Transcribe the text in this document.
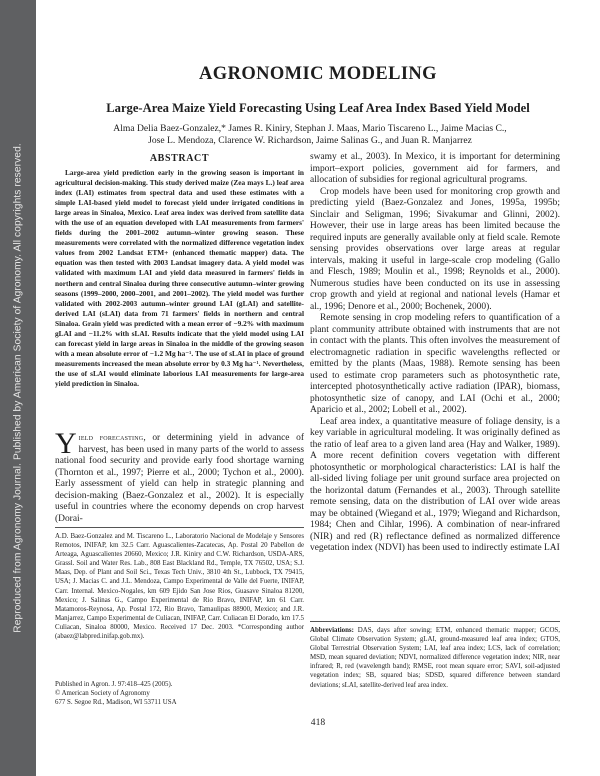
Reproduced from Agronomy Journal. Published by American Society of Agronomy. All copyrights reserved.
AGRONOMIC MODELING
Large-Area Maize Yield Forecasting Using Leaf Area Index Based Yield Model
Alma Delia Baez-Gonzalez,* James R. Kiniry, Stephan J. Maas, Mario Tiscareno L., Jaime Macias C.,
Jose L. Mendoza, Clarence W. Richardson, Jaime Salinas G., and Juan R. Manjarrez
ABSTRACT
Large-area yield prediction early in the growing season is important in agricultural decision-making. This study derived maize (Zea mays L.) leaf area index (LAI) estimates from spectral data and used these estimates with a simple LAI-based yield model to forecast yield under irrigated conditions in large areas in Sinaloa, Mexico. Leaf area index was derived from satellite data with the use of an equation developed with LAI measurements from farmers' fields during the 2001–2002 autumn–winter growing season. These measurements were correlated with the normalized difference vegetation index values from 2002 Landsat ETM+ (enhanced thematic mapper) data. The equation was then tested with 2003 Landsat imagery data. A yield model was validated with maximum LAI and yield data measured in farmers' fields in northern and central Sinaloa during three consecutive autumn–winter growing seasons (1999–2000, 2000–2001, and 2001–2002). The yield model was further validated with 2002-2003 autumn–winter ground LAI (gLAI) and satellite-derived LAI (sLAI) data from 71 farmers' fields in northern and central Sinaloa. Grain yield was predicted with a mean error of −9.2% with maximum gLAI and −11.2% with sLAI. Results indicate that the yield model using LAI can forecast yield in large areas in Sinaloa in the middle of the growing season with a mean absolute error of −1.2 Mg ha⁻¹. The use of sLAI in place of ground measurements increased the mean absolute error by 0.3 Mg ha⁻¹. Nevertheless, the use of sLAI would eliminate laborious LAI measurements for large-area yield prediction in Sinaloa.
Yield forecasting, or determining yield in advance of harvest, has been used in many parts of the world to assess national food security and provide early food shortage warning (Thornton et al., 1997; Pierre et al., 2000; Tychon et al., 2000). Early assessment of yield can help in strategic planning and decision-making (Baez-Gonzalez et al., 2002). It is especially useful in countries where the economy depends on crop harvest (Dorai-
A.D. Baez-Gonzalez and M. Tiscareno L., Laboratorio Nacional de Modelaje y Sensores Remotos, INIFAP, km 32.5 Carr. Aguascalientes-Zacatecas, Ap. Postal 20 Pabellon de Arteaga, Aguascalientes 20660, Mexico; J.R. Kiniry and C.W. Richardson, USDA-ARS, Grassl. Soil and Water Res. Lab., 808 East Blackland Rd., Temple, TX 76502, USA; S.J. Maas, Dep. of Plant and Soil Sci., Texas Tech Univ., 3810 4th St., Lubbock, TX 79415, USA; J. Macias C. and J.L. Mendoza, Campo Experimental de Valle del Fuerte, INIFAP, Carr. Internal. Mexico-Nogales, km 609 Ejido San Jose Rios, Guasave Sinaloa 81200, Mexico; J. Salinas G., Campo Experimental de Rio Bravo, INIFAP, km 61 Carr. Matamoros-Reynosa, Ap. Postal 172, Rio Bravo, Tamaulipas 88900, Mexico; and J.R. Manjarrez, Campo Experimental de Culiacan, INIFAP, Carr. Culiacan El Dorado, km 17.5 Culiacan, Sinaloa 80000, Mexico. Received 17 Dec. 2003. *Corresponding author (abaez@labpred.inifap.gob.mx).
Published in Agron. J. 97:418–425 (2005).
© American Society of Agronomy
677 S. Segoe Rd., Madison, WI 53711 USA

swamy et al., 2003). In Mexico, it is important for determining import–export policies, government aid for farmers, and allocation of subsidies for regional agricultural programs.

Crop models have been used for monitoring crop growth and predicting yield (Baez-Gonzalez and Jones, 1995a, 1995b; Sinclair and Seligman, 1996; Sivakumar and Glinni, 2002). However, their use in large areas has been limited because the required inputs are generally available only at field scale. Remote sensing provides observations over large areas at regular intervals, making it useful in large-scale crop modeling (Gallo and Flesch, 1989; Moulin et al., 1998; Reynolds et al., 2000). Numerous studies have been conducted on its use in assessing crop growth and yield at regional and national levels (Hamar et al., 1996; Denore et al., 2000; Bochenek, 2000).

Remote sensing in crop modeling refers to quantification of a plant community attribute obtained with instruments that are not in contact with the plants. This often involves the measurement of electromagnetic radiation in specific wavelengths reflected or emitted by the plants (Maas, 1988). Remote sensing has been used to estimate crop parameters such as photosynthetic rate, intercepted photosynthetically active radiation (IPAR), biomass, photosynthetic size of canopy, and LAI (Ochi et al., 2000; Aparicio et al., 2002; Lobell et al., 2002).

Leaf area index, a quantitative measure of foliage density, is a key variable in agricultural modeling. It was originally defined as the ratio of leaf area to a given land area (Hay and Walker, 1989). A more recent definition covers vegetation with different photosynthetic or morphological characteristics: LAI is half the all-sided living foliage per unit ground surface area projected on the horizontal datum (Fernandes et al., 2003). Through satellite remote sensing, data on the distribution of LAI over wide areas may be obtained (Wiegand et al., 1979; Wiegand and Richardson, 1984; Chen and Cihlar, 1996). A combination of near-infrared (NIR) and red (R) reflectance defined as normalized difference vegetation index (NDVI) has been used to indirectly estimate LAI

Abbreviations: DAS, days after sowing; ETM, enhanced thematic mapper; GCOS, Global Climate Observation System; gLAI, ground-measured leaf area index; GTOS, Global Terrestrial Observation System; LAI, leaf area index; LCS, lack of correlation; MSD, mean squared deviation; NDVI, normalized difference vegetation index; NIR, near infrared; R, red (wavelength band); RMSE, root mean square error; SAVI, soil-adjusted vegetation index; SB, squared bias; SDSD, squared difference between standard deviations; sLAI, satellite-derived leaf area index.
418
